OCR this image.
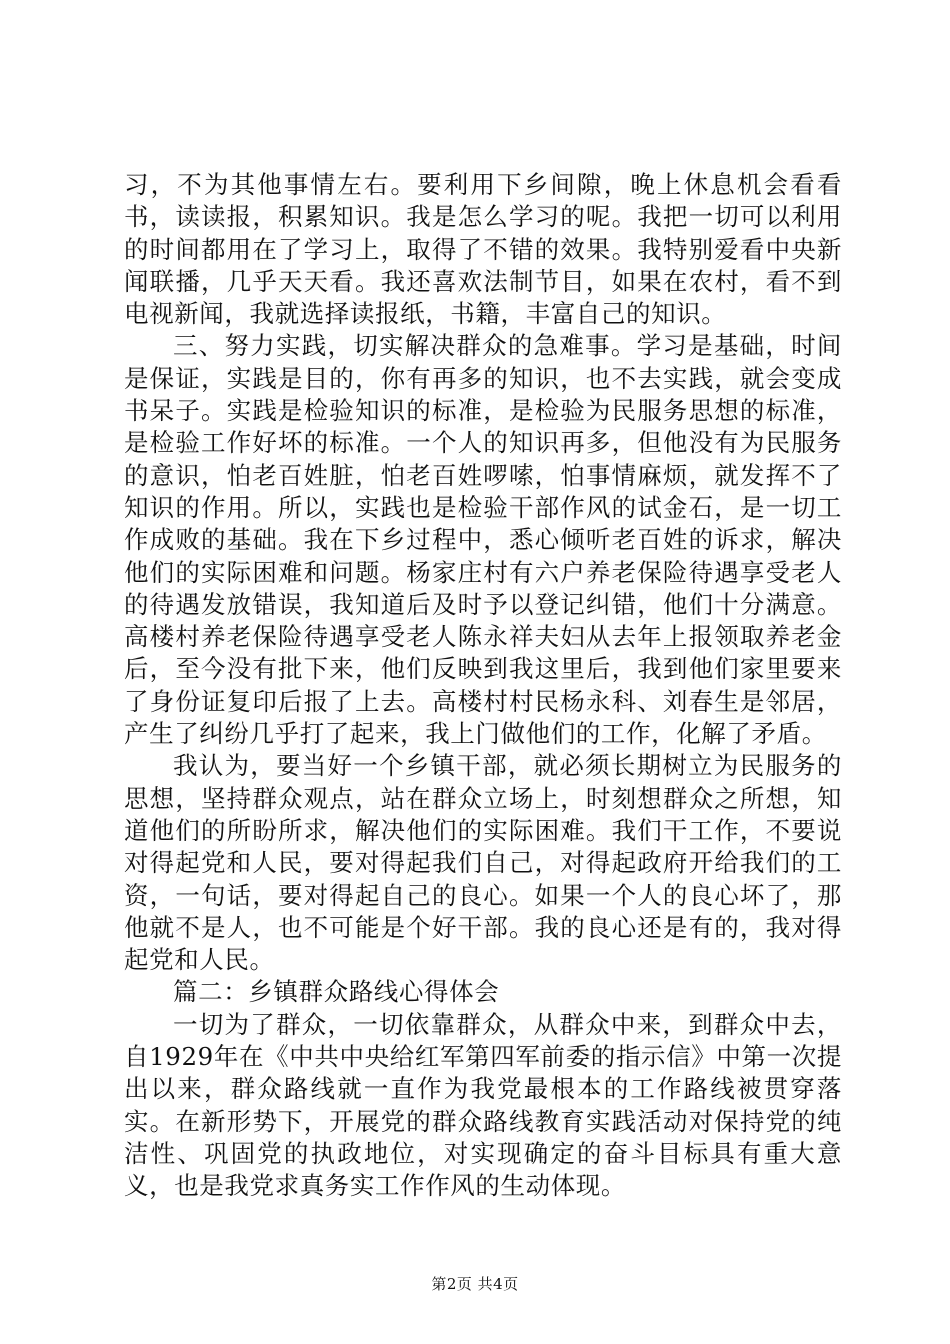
习，不为其他事情左右。要利用下乡间隙，晚上休息机会看看书，读读报，积累知识。我是怎么学习的呢。我把一切可以利用的时间都用在了学习上，取得了不错的效果。我特别爱看中央新闻联播，几乎天天看。我还喜欢法制节目，如果在农村，看不到电视新闻，我就选择读报纸，书籍，丰富自己的知识。

三、努力实践，切实解决群众的急难事。学习是基础，时间是保证，实践是目的，你有再多的知识，也不去实践，就会变成书呆子。实践是检验知识的标准，是检验为民服务思想的标准，是检验工作好坏的标准。一个人的知识再多，但他没有为民服务的意识，怕老百姓脏，怕老百姓啰嗦，怕事情麻烦，就发挥不了知识的作用。所以，实践也是检验干部作风的试金石，是一切工作成败的基础。我在下乡过程中，悉心倾听老百姓的诉求，解决他们的实际困难和问题。杨家庄村有六户养老保险待遇享受老人的待遇发放错误，我知道后及时予以登记纠错，他们十分满意。高楼村养老保险待遇享受老人陈永祥夫妇从去年上报领取养老金后，至今没有批下来，他们反映到我这里后，我到他们家里要来了身份证复印后报了上去。高楼村村民杨永科、刘春生是邻居，产生了纠纷几乎打了起来，我上门做他们的工作，化解了矛盾。

我认为，要当好一个乡镇干部，就必须长期树立为民服务的思想，坚持群众观点，站在群众立场上，时刻想群众之所想，知道他们的所盼所求，解决他们的实际困难。我们干工作，不要说对得起党和人民，要对得起我们自己，对得起政府开给我们的工资，一句话，要对得起自己的良心。如果一个人的良心坏了，那他就不是人，也不可能是个好干部。我的良心还是有的，我对得起党和人民。

篇二：乡镇群众路线心得体会

一切为了群众，一切依靠群众，从群众中来，到群众中去，自1929年在《中共中央给红军第四军前委的指示信》中第一次提出以来，群众路线就一直作为我党最根本的工作路线被贯穿落实。在新形势下，开展党的群众路线教育实践活动对保持党的纯洁性、巩固党的执政地位，对实现确定的奋斗目标具有重大意义，也是我党求真务实工作作风的生动体现。

第2页 共4页
